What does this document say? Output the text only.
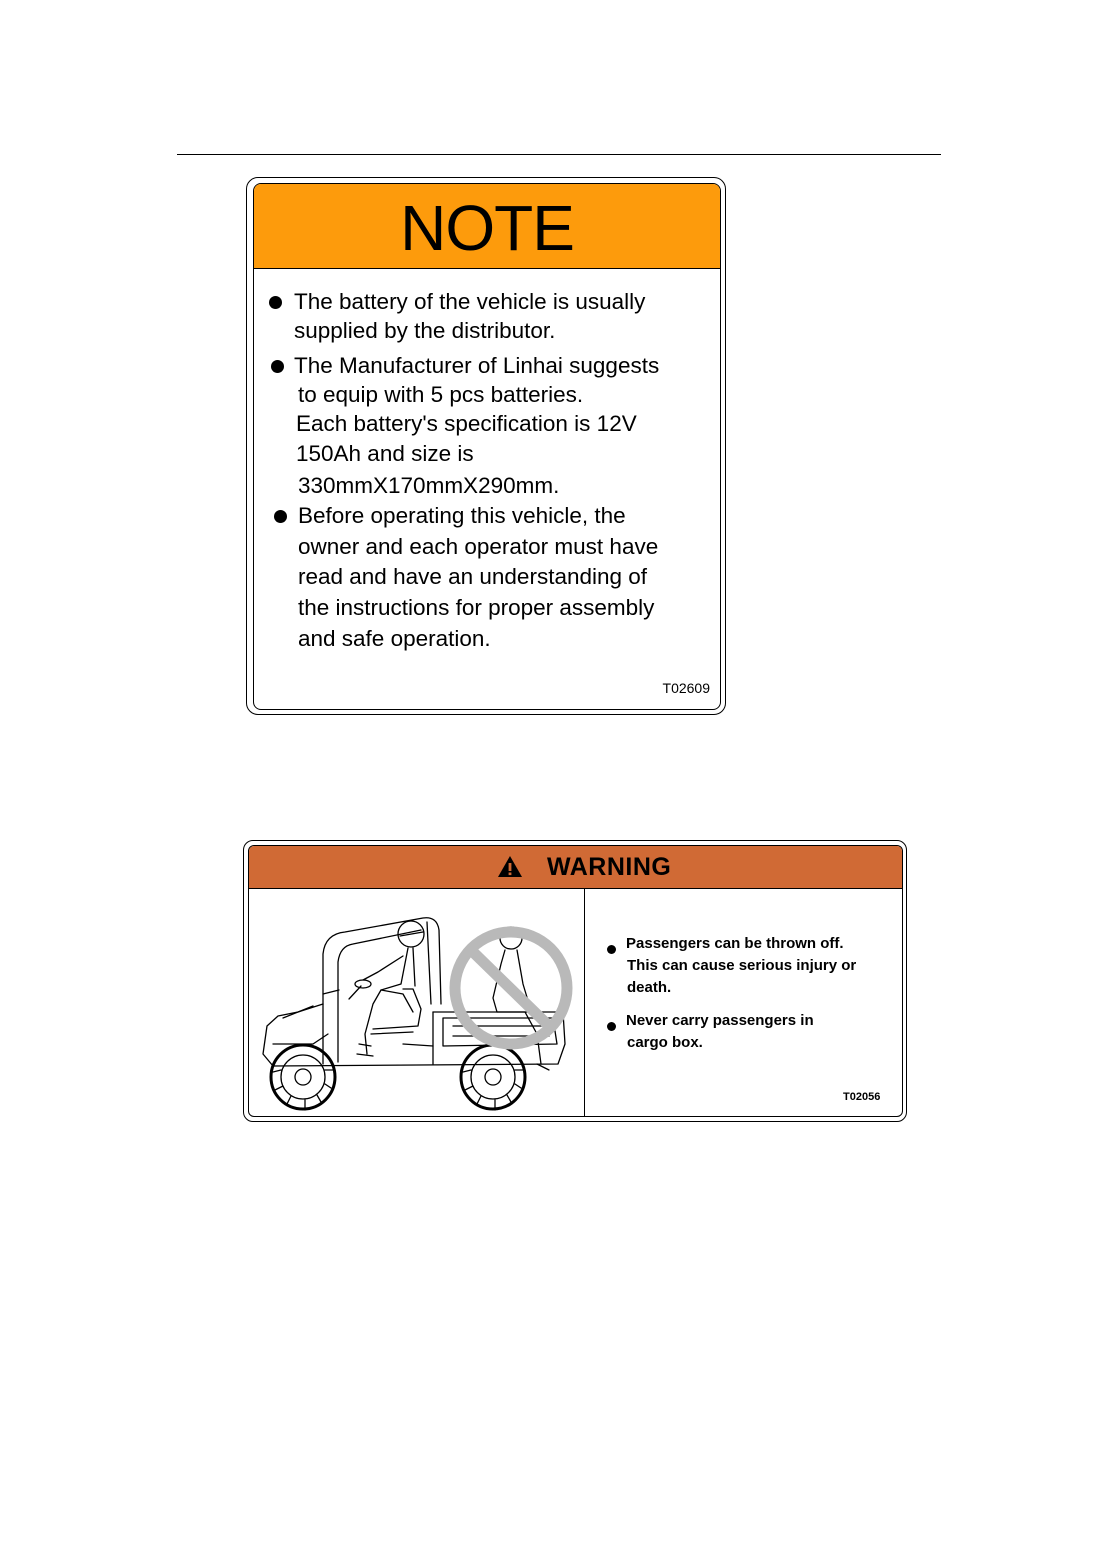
NOTE
The battery of the vehicle is usually
supplied by the distributor.
The Manufacturer of Linhai suggests
to equip with 5 pcs batteries.
Each battery's specification is 12V
150Ah and size is
330mmX170mmX290mm.
Before operating this vehicle, the
owner and each operator must have
read and have an understanding of
the instructions for proper assembly
and safe operation.
T02609
WARNING
Passengers can be thrown off.
This can cause serious injury or
death.
Never carry passengers in
cargo box.
T02056
